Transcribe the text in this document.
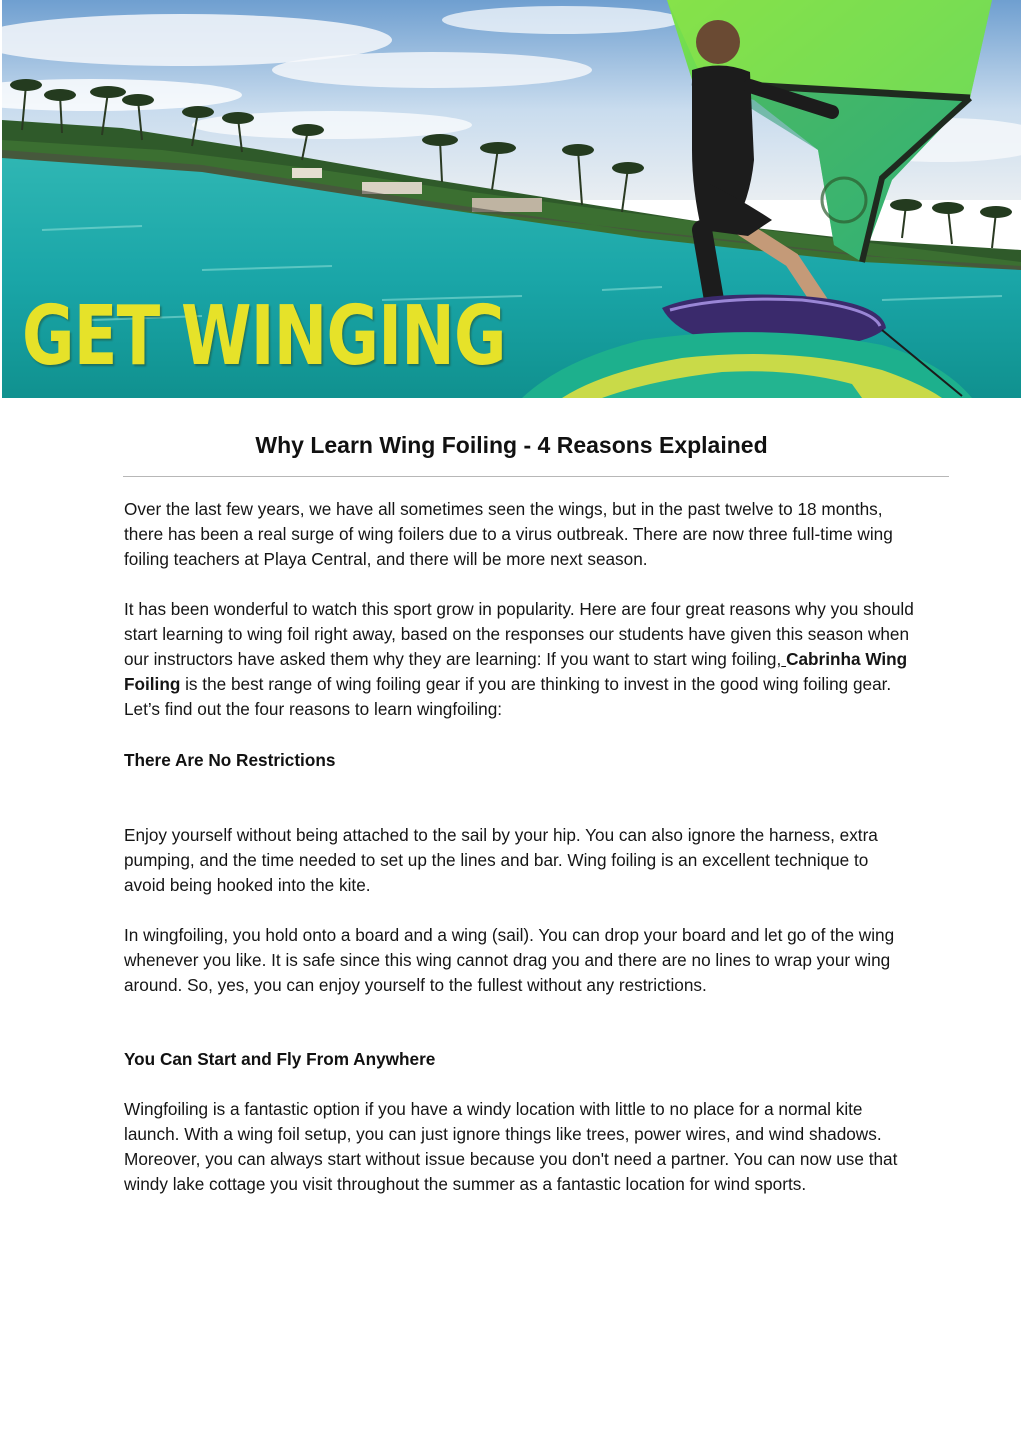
GET WINGING
Why Learn Wing Foiling - 4 Reasons Explained

Over the last few years, we have all sometimes seen the wings, but in the past twelve to 18 months, there has been a real surge of wing foilers due to a virus outbreak. There are now three full-time wing foiling teachers at Playa Central, and there will be more next season.

It has been wonderful to watch this sport grow in popularity. Here are four great reasons why you should start learning to wing foil right away, based on the responses our students have given this season when our instructors have asked them why they are learning: If you want to start wing foiling, Cabrinha Wing Foiling is the best range of wing foiling gear if you are thinking to invest in the good wing foiling gear. Let’s find out the four reasons to learn wingfoiling:

There Are No Restrictions

Enjoy yourself without being attached to the sail by your hip. You can also ignore the harness, extra pumping, and the time needed to set up the lines and bar. Wing foiling is an excellent technique to avoid being hooked into the kite.

In wingfoiling, you hold onto a board and a wing (sail). You can drop your board and let go of the wing whenever you like. It is safe since this wing cannot drag you and there are no lines to wrap your wing around. So, yes, you can enjoy yourself to the fullest without any restrictions.

You Can Start and Fly From Anywhere

Wingfoiling is a fantastic option if you have a windy location with little to no place for a normal kite launch. With a wing foil setup, you can just ignore things like trees, power wires, and wind shadows. Moreover, you can always start without issue because you don't need a partner. You can now use that windy lake cottage you visit throughout the summer as a fantastic location for wind sports.
